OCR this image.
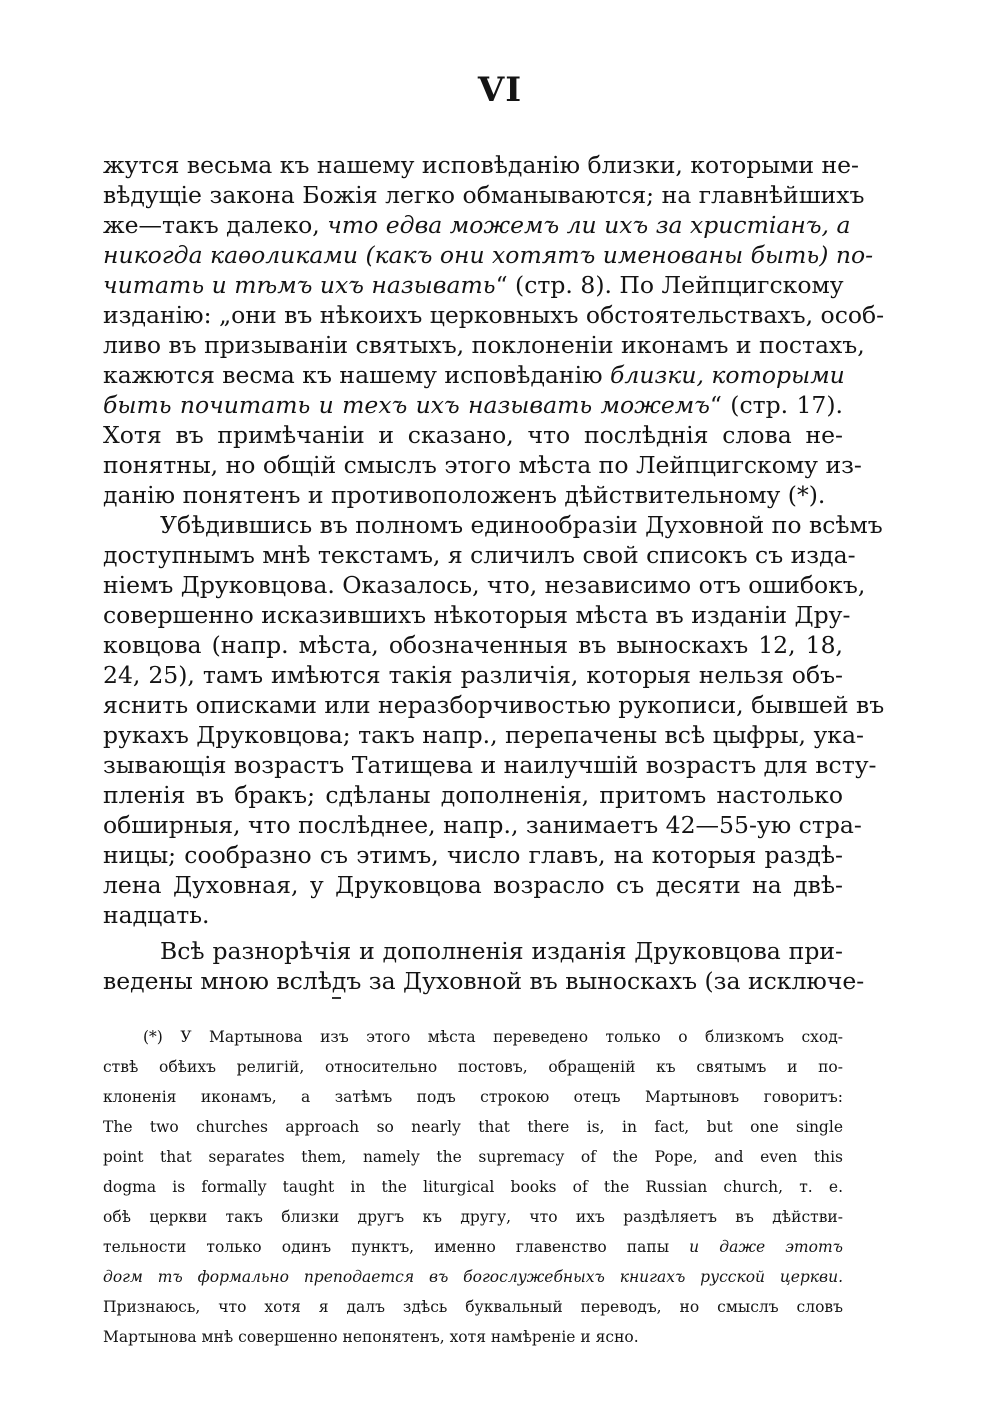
VI
жутся весьма къ нашему исповѣданію близки, которыми не-
вѣдущіе закона Божія легко обманываются; на главнѣйшихъ
же—такъ далеко, что едва можемъ ли ихъ за христіанъ, а
никогда каѳоликами (какъ они хотятъ именованы быть) по-
читать и тѣмъ ихъ называть“ (стр. 8). По Лейпцигскому
изданію: „они въ нѣкоихъ церковныхъ обстоятельствахъ, особ-
ливо въ призываніи святыхъ, поклоненіи иконамъ и постахъ,
кажются весма къ нашему исповѣданію близки, которыми
быть почитать и техъ ихъ называть можемъ“ (стр. 17).
Хотя въ примѣчаніи и сказано, что послѣднія слова не-
понятны, но общій смыслъ этого мѣста по Лейпцигскому из-
данію понятенъ и противоположенъ дѣйствительному (*).
Убѣдившись въ полномъ единообразіи Духовной по всѣмъ
доступнымъ мнѣ текстамъ, я сличилъ свой списокъ съ изда-
ніемъ Друковцова. Оказалось, что, независимо отъ ошибокъ,
совершенно исказившихъ нѣкоторыя мѣста въ изданіи Дру-
ковцова (напр. мѣста, обозначенныя въ выноскахъ 12, 18,
24, 25), тамъ имѣются такія различія, которыя нельзя объ-
яснить описками или неразборчивостью рукописи, бывшей въ
рукахъ Друковцова; такъ напр., перепачены всѣ цыфры, ука-
зывающія возрастъ Татищева и наилучшій возрастъ для всту-
пленія въ бракъ; сдѣланы дополненія, притомъ настолько
обширныя, что послѣднее, напр., занимаетъ 42—55-ую стра-
ницы; сообразно съ этимъ, число главъ, на которыя раздѣ-
лена Духовная, у Друковцова возрасло съ десяти на двѣ-
надцать.
Всѣ разнорѣчія и дополненія изданія Друковцова при-
ведены мною вслѣдъ за Духовной въ выноскахъ (за исключе-
(*) У Мартынова изъ этого мѣста переведено только о близкомъ сход-
ствѣ обѣихъ религій, относительно постовъ, обращеній къ святымъ и по-
клоненія иконамъ, а затѣмъ подъ строкою отецъ Мартыновъ говоритъ:
The two churches approach so nearly that there is, in fact, but one single
point that separates them, namely the supremacy of the Pope, and even this
dogma is formally taught in the liturgical books of the Russian church, т. е.
обѣ церкви такъ близки другъ къ другу, что ихъ раздѣляетъ въ дѣйстви-
тельности только одинъ пунктъ, именно главенство папы и даже этотъ
догм тъ формально преподается въ богослужебныхъ книгахъ русской церкви.
Признаюсь, что хотя я далъ здѣсь буквальный переводъ, но смыслъ словъ
Мартынова мнѣ совершенно непонятенъ, хотя намѣреніе и ясно.
